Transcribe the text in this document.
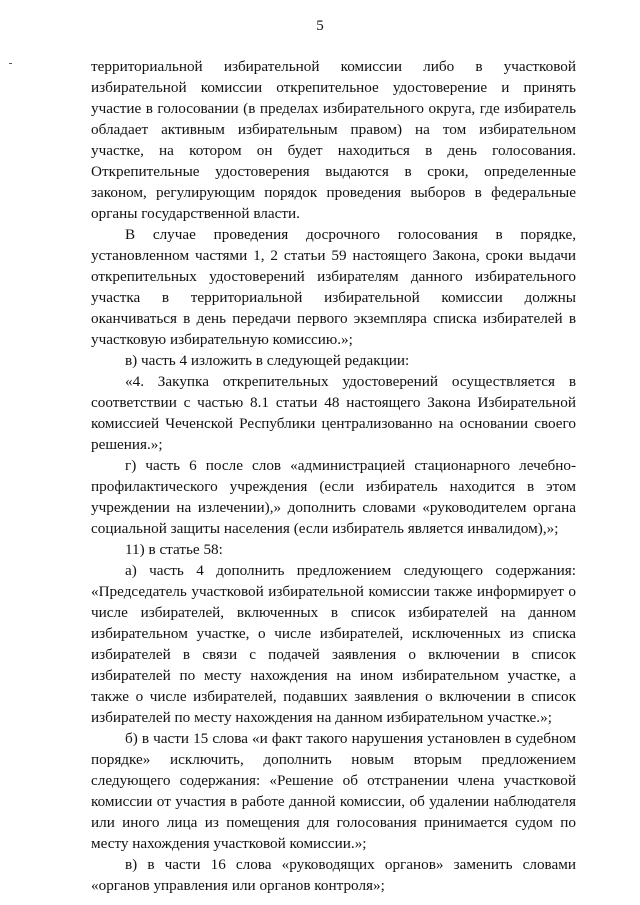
5

территориальной избирательной комиссии либо в участковой избирательной комиссии открепительное удостоверение и принять участие в голосовании (в пределах избирательного округа, где избиратель обладает активным избирательным правом) на том избирательном участке, на котором он будет находиться в день голосования. Открепительные удостоверения выдаются в сроки, определенные законом, регулирующим порядок проведения выборов в федеральные органы государственной власти.

В случае проведения досрочного голосования в порядке, установленном частями 1, 2 статьи 59 настоящего Закона, сроки выдачи открепительных удостоверений избирателям данного избирательного участка в территориальной избирательной комиссии должны оканчиваться в день передачи первого экземпляра списка избирателей в участковую избирательную комиссию.»;

в) часть 4 изложить в следующей редакции:

«4. Закупка открепительных удостоверений осуществляется в соответствии с частью 8.1 статьи 48 настоящего Закона Избирательной комиссией Чеченской Республики централизованно на основании своего решения.»;

г) часть 6 после слов «администрацией стационарного лечебно-профилактического учреждения (если избиратель находится в этом учреждении на излечении),» дополнить словами «руководителем органа социальной защиты населения (если избиратель является инвалидом),»;

11) в статье 58:

а) часть 4 дополнить предложением следующего содержания: «Председатель участковой избирательной комиссии также информирует о числе избирателей, включенных в список избирателей на данном избирательном участке, о числе избирателей, исключенных из списка избирателей в связи с подачей заявления о включении в список избирателей по месту нахождения на ином избирательном участке, а также о числе избирателей, подавших заявления о включении в список избирателей по месту нахождения на данном избирательном участке.»;

б) в части 15 слова «и факт такого нарушения установлен в судебном порядке» исключить, дополнить новым вторым предложением следующего содержания: «Решение об отстранении члена участковой комиссии от участия в работе данной комиссии, об удалении наблюдателя или иного лица из помещения для голосования принимается судом по месту нахождения участковой комиссии.»;

в) в части 16 слова «руководящих органов» заменить словами «органов управления или органов контроля»;
